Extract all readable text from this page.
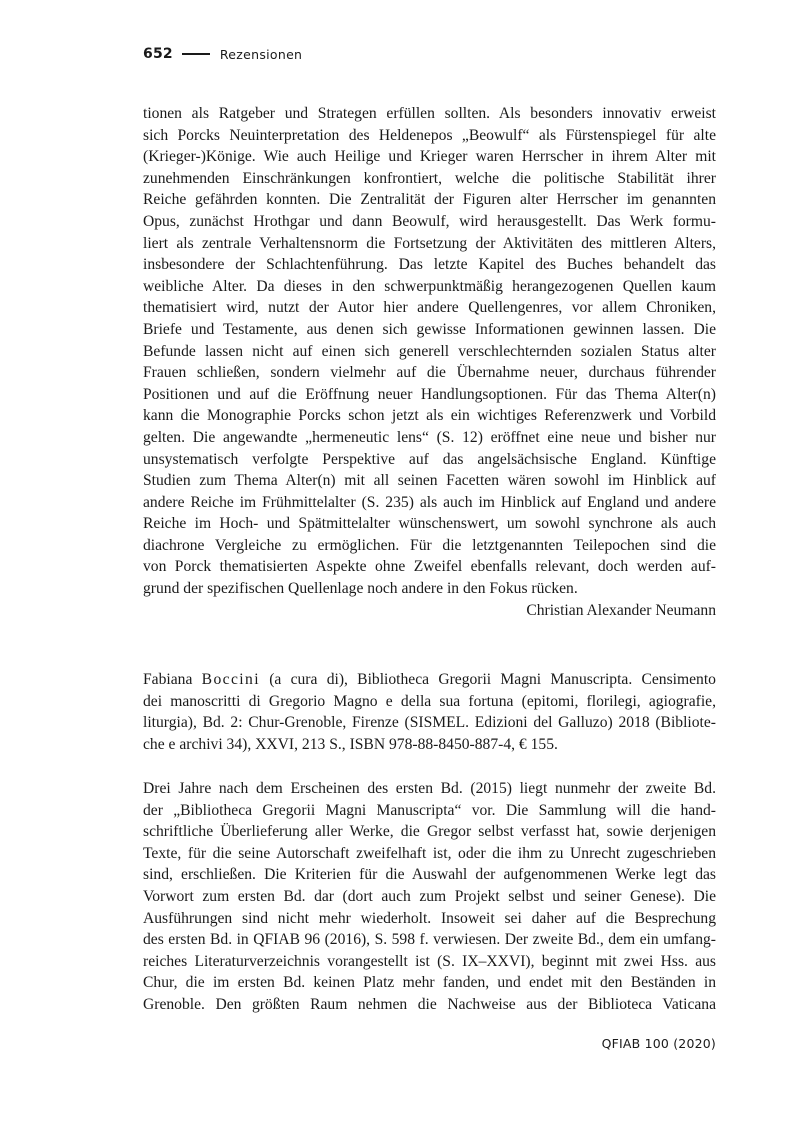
652	Rezensionen
tionen als Ratgeber und Strategen erfüllen sollten. Als besonders innovativ erweist
sich Porcks Neuinterpretation des Heldenepos „Beowulf“ als Fürstenspiegel für alte
(Krieger-)Könige. Wie auch Heilige und Krieger waren Herrscher in ihrem Alter mit
zunehmenden Einschränkungen konfrontiert, welche die politische Stabilität ihrer
Reiche gefährden konnten. Die Zentralität der Figuren alter Herrscher im genannten
Opus, zunächst Hrothgar und dann Beowulf, wird herausgestellt. Das Werk formu-
liert als zentrale Verhaltensnorm die Fortsetzung der Aktivitäten des mittleren Alters,
insbesondere der Schlachtenführung. Das letzte Kapitel des Buches behandelt das
weibliche Alter. Da dieses in den schwerpunktmäßig herangezogenen Quellen kaum
thematisiert wird, nutzt der Autor hier andere Quellengenres, vor allem Chroniken,
Briefe und Testamente, aus denen sich gewisse Informationen gewinnen lassen. Die
Befunde lassen nicht auf einen sich generell verschlechternden sozialen Status alter
Frauen schließen, sondern vielmehr auf die Übernahme neuer, durchaus führender
Positionen und auf die Eröffnung neuer Handlungsoptionen. Für das Thema Alter(n)
kann die Monographie Porcks schon jetzt als ein wichtiges Referenzwerk und Vorbild
gelten. Die angewandte „hermeneutic lens“ (S. 12) eröffnet eine neue und bisher nur
unsystematisch verfolgte Perspektive auf das angelsächsische England. Künftige
Studien zum Thema Alter(n) mit all seinen Facetten wären sowohl im Hinblick auf
andere Reiche im Frühmittelalter (S. 235) als auch im Hinblick auf England und andere
Reiche im Hoch- und Spätmittelalter wünschenswert, um sowohl synchrone als auch
diachrone Vergleiche zu ermöglichen. Für die letztgenannten Teilepochen sind die
von Porck thematisierten Aspekte ohne Zweifel ebenfalls relevant, doch werden auf-
grund der spezifischen Quellenlage noch andere in den Fokus rücken.
Christian Alexander Neumann
Fabiana Boccini (a cura di), Bibliotheca Gregorii Magni Manuscripta. Censimento
dei manoscritti di Gregorio Magno e della sua fortuna (epitomi, florilegi, agiografie,
liturgia), Bd. 2: Chur-Grenoble, Firenze (SISMEL. Edizioni del Galluzo) 2018 (Bibliote-
che e archivi 34), XXVI, 213 S., ISBN 978-88-8450-887-4, € 155.
Drei Jahre nach dem Erscheinen des ersten Bd. (2015) liegt nunmehr der zweite Bd.
der „Bibliotheca Gregorii Magni Manuscripta“ vor. Die Sammlung will die hand-
schriftliche Überlieferung aller Werke, die Gregor selbst verfasst hat, sowie derjenigen
Texte, für die seine Autorschaft zweifelhaft ist, oder die ihm zu Unrecht zugeschrieben
sind, erschließen. Die Kriterien für die Auswahl der aufgenommenen Werke legt das
Vorwort zum ersten Bd. dar (dort auch zum Projekt selbst und seiner Genese). Die
Ausführungen sind nicht mehr wiederholt. Insoweit sei daher auf die Besprechung
des ersten Bd. in QFIAB 96 (2016), S. 598 f. verwiesen. Der zweite Bd., dem ein umfang-
reiches Literaturverzeichnis vorangestellt ist (S. IX–XXVI), beginnt mit zwei Hss. aus
Chur, die im ersten Bd. keinen Platz mehr fanden, und endet mit den Beständen in
Grenoble. Den größten Raum nehmen die Nachweise aus der Biblioteca Vaticana
QFIAB 100 (2020)
